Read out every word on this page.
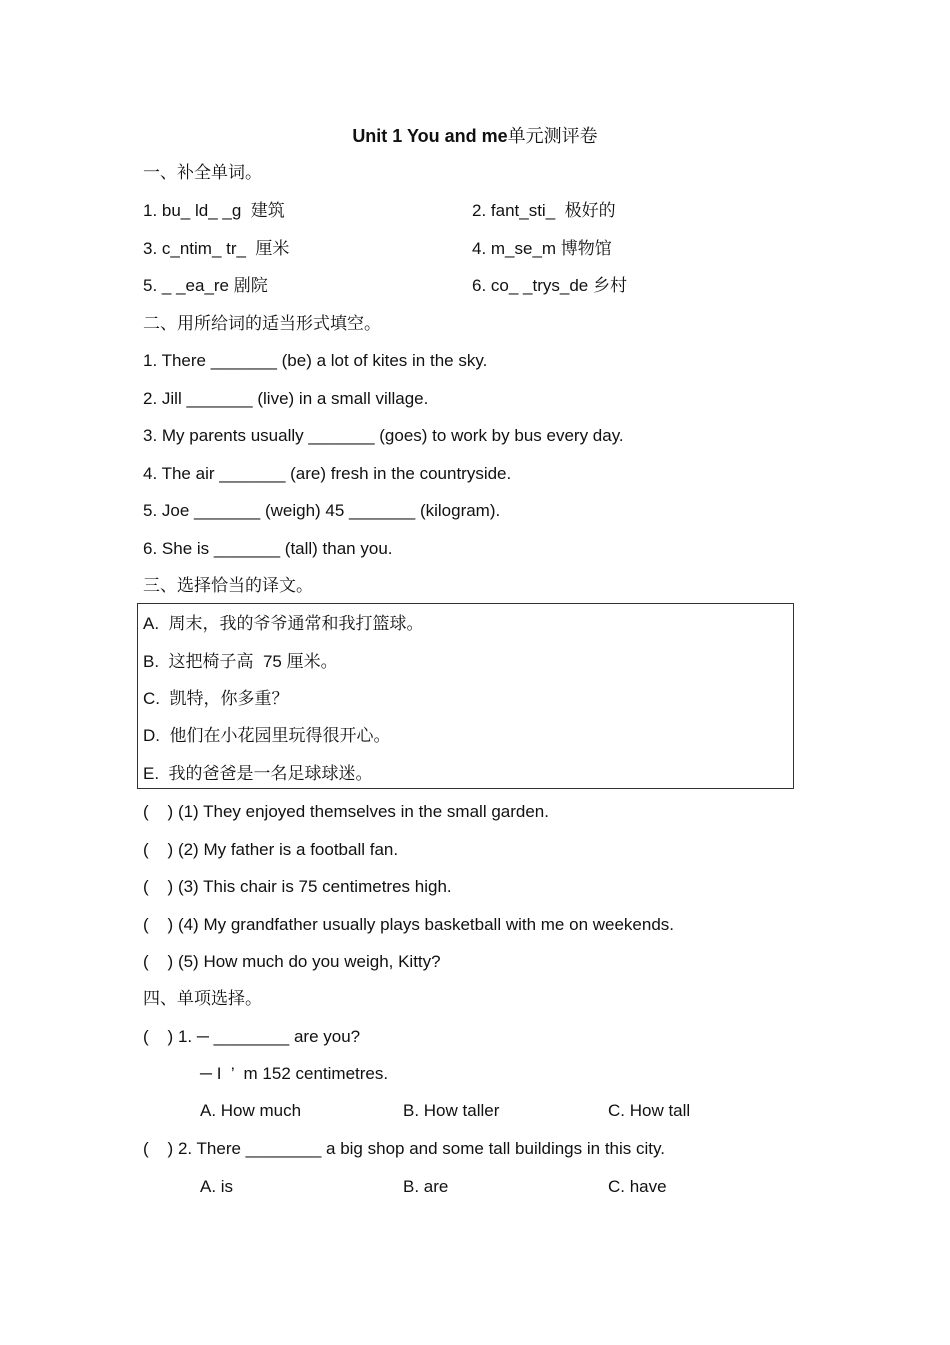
Unit 1 You and me单元测评卷
一、补全单词。
1. bu_ ld_ _g  建筑	2. fant_sti_  极好的
3. c_ntim_ tr_  厘米	4. m_se_m 博物馆
5. _ _ea_re 剧院	6. co_ _trys_de 乡村
二、用所给词的适当形式填空。
1. There _______ (be) a lot of kites in the sky.
2. Jill _______ (live) in a small village.
3. My parents usually _______ (goes) to work by bus every day.
4. The air _______ (are) fresh in the countryside.
5. Joe _______ (weigh) 45 _______ (kilogram).
6. She is _______ (tall) than you.
三、选择恰当的译文。
A.  周末，我的爷爷通常和我打篮球。
B.  这把椅子高  75 厘米。
C.  凯特，你多重？
D.  他们在小花园里玩得很开心。
E.  我的爸爸是一名足球球迷。
(    ) (1) They enjoyed themselves in the small garden.
(    ) (2) My father is a football fan.
(    ) (3) This chair is 75 centimetres high.
(    ) (4) My grandfather usually plays basketball with me on weekends.
(    ) (5) How much do you weigh, Kitty?
四、单项选择。
(    ) 1. ─ ________ are you?
─ I  ’  m 152 centimetres.
A. How much	B. How taller	C. How tall
(    ) 2. There ________ a big shop and some tall buildings in this city.
A. is	B. are	C. have
